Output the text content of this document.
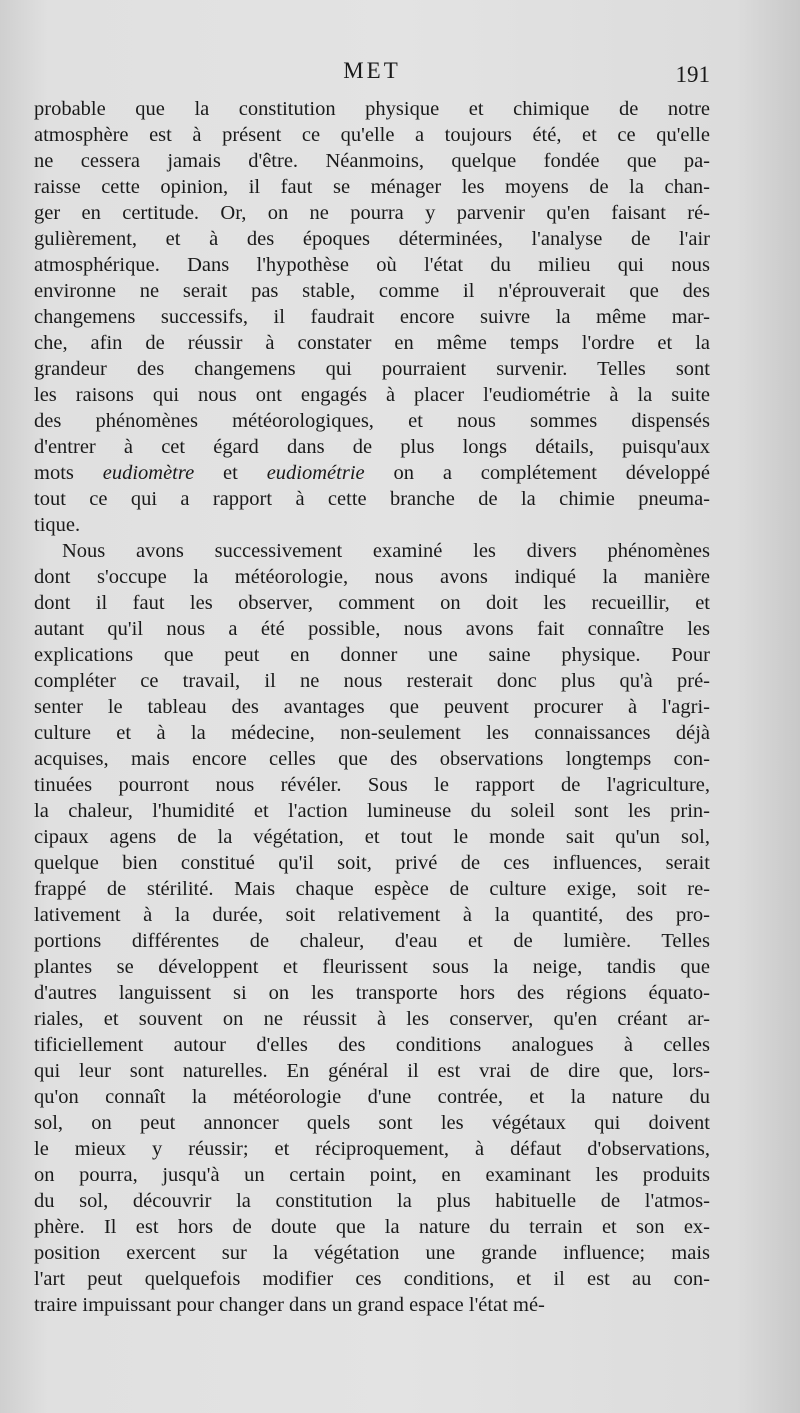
MET	191
probable que la constitution physique et chimique de notre
atmosphère est à présent ce qu'elle a toujours été, et ce qu'elle
ne cessera jamais d'être. Néanmoins, quelque fondée que pa-
raisse cette opinion, il faut se ménager les moyens de la chan-
ger en certitude. Or, on ne pourra y parvenir qu'en faisant ré-
gulièrement, et à des époques déterminées, l'analyse de l'air
atmosphérique. Dans l'hypothèse où l'état du milieu qui nous
environne ne serait pas stable, comme il n'éprouverait que des
changemens successifs, il faudrait encore suivre la même mar-
che, afin de réussir à constater en même temps l'ordre et la
grandeur des changemens qui pourraient survenir. Telles sont
les raisons qui nous ont engagés à placer l'eudiométrie à la suite
des phénomènes météorologiques, et nous sommes dispensés
d'entrer à cet égard dans de plus longs détails, puisqu'aux
mots eudiomètre et eudiométrie on a complétement développé
tout ce qui a rapport à cette branche de la chimie pneuma-
tique.
Nous avons successivement examiné les divers phénomènes
dont s'occupe la météorologie, nous avons indiqué la manière
dont il faut les observer, comment on doit les recueillir, et
autant qu'il nous a été possible, nous avons fait connaître les
explications que peut en donner une saine physique. Pour
compléter ce travail, il ne nous resterait donc plus qu'à pré-
senter le tableau des avantages que peuvent procurer à l'agri-
culture et à la médecine, non-seulement les connaissances déjà
acquises, mais encore celles que des observations longtemps con-
tinuées pourront nous révéler. Sous le rapport de l'agriculture,
la chaleur, l'humidité et l'action lumineuse du soleil sont les prin-
cipaux agens de la végétation, et tout le monde sait qu'un sol,
quelque bien constitué qu'il soit, privé de ces influences, serait
frappé de stérilité. Mais chaque espèce de culture exige, soit re-
lativement à la durée, soit relativement à la quantité, des pro-
portions différentes de chaleur, d'eau et de lumière. Telles
plantes se développent et fleurissent sous la neige, tandis que
d'autres languissent si on les transporte hors des régions équato-
riales, et souvent on ne réussit à les conserver, qu'en créant ar-
tificiellement autour d'elles des conditions analogues à celles
qui leur sont naturelles. En général il est vrai de dire que, lors-
qu'on connaît la météorologie d'une contrée, et la nature du
sol, on peut annoncer quels sont les végétaux qui doivent
le mieux y réussir; et réciproquement, à défaut d'observations,
on pourra, jusqu'à un certain point, en examinant les produits
du sol, découvrir la constitution la plus habituelle de l'atmos-
phère. Il est hors de doute que la nature du terrain et son ex-
position exercent sur la végétation une grande influence; mais
l'art peut quelquefois modifier ces conditions, et il est au con-
traire impuissant pour changer dans un grand espace l'état mé-
